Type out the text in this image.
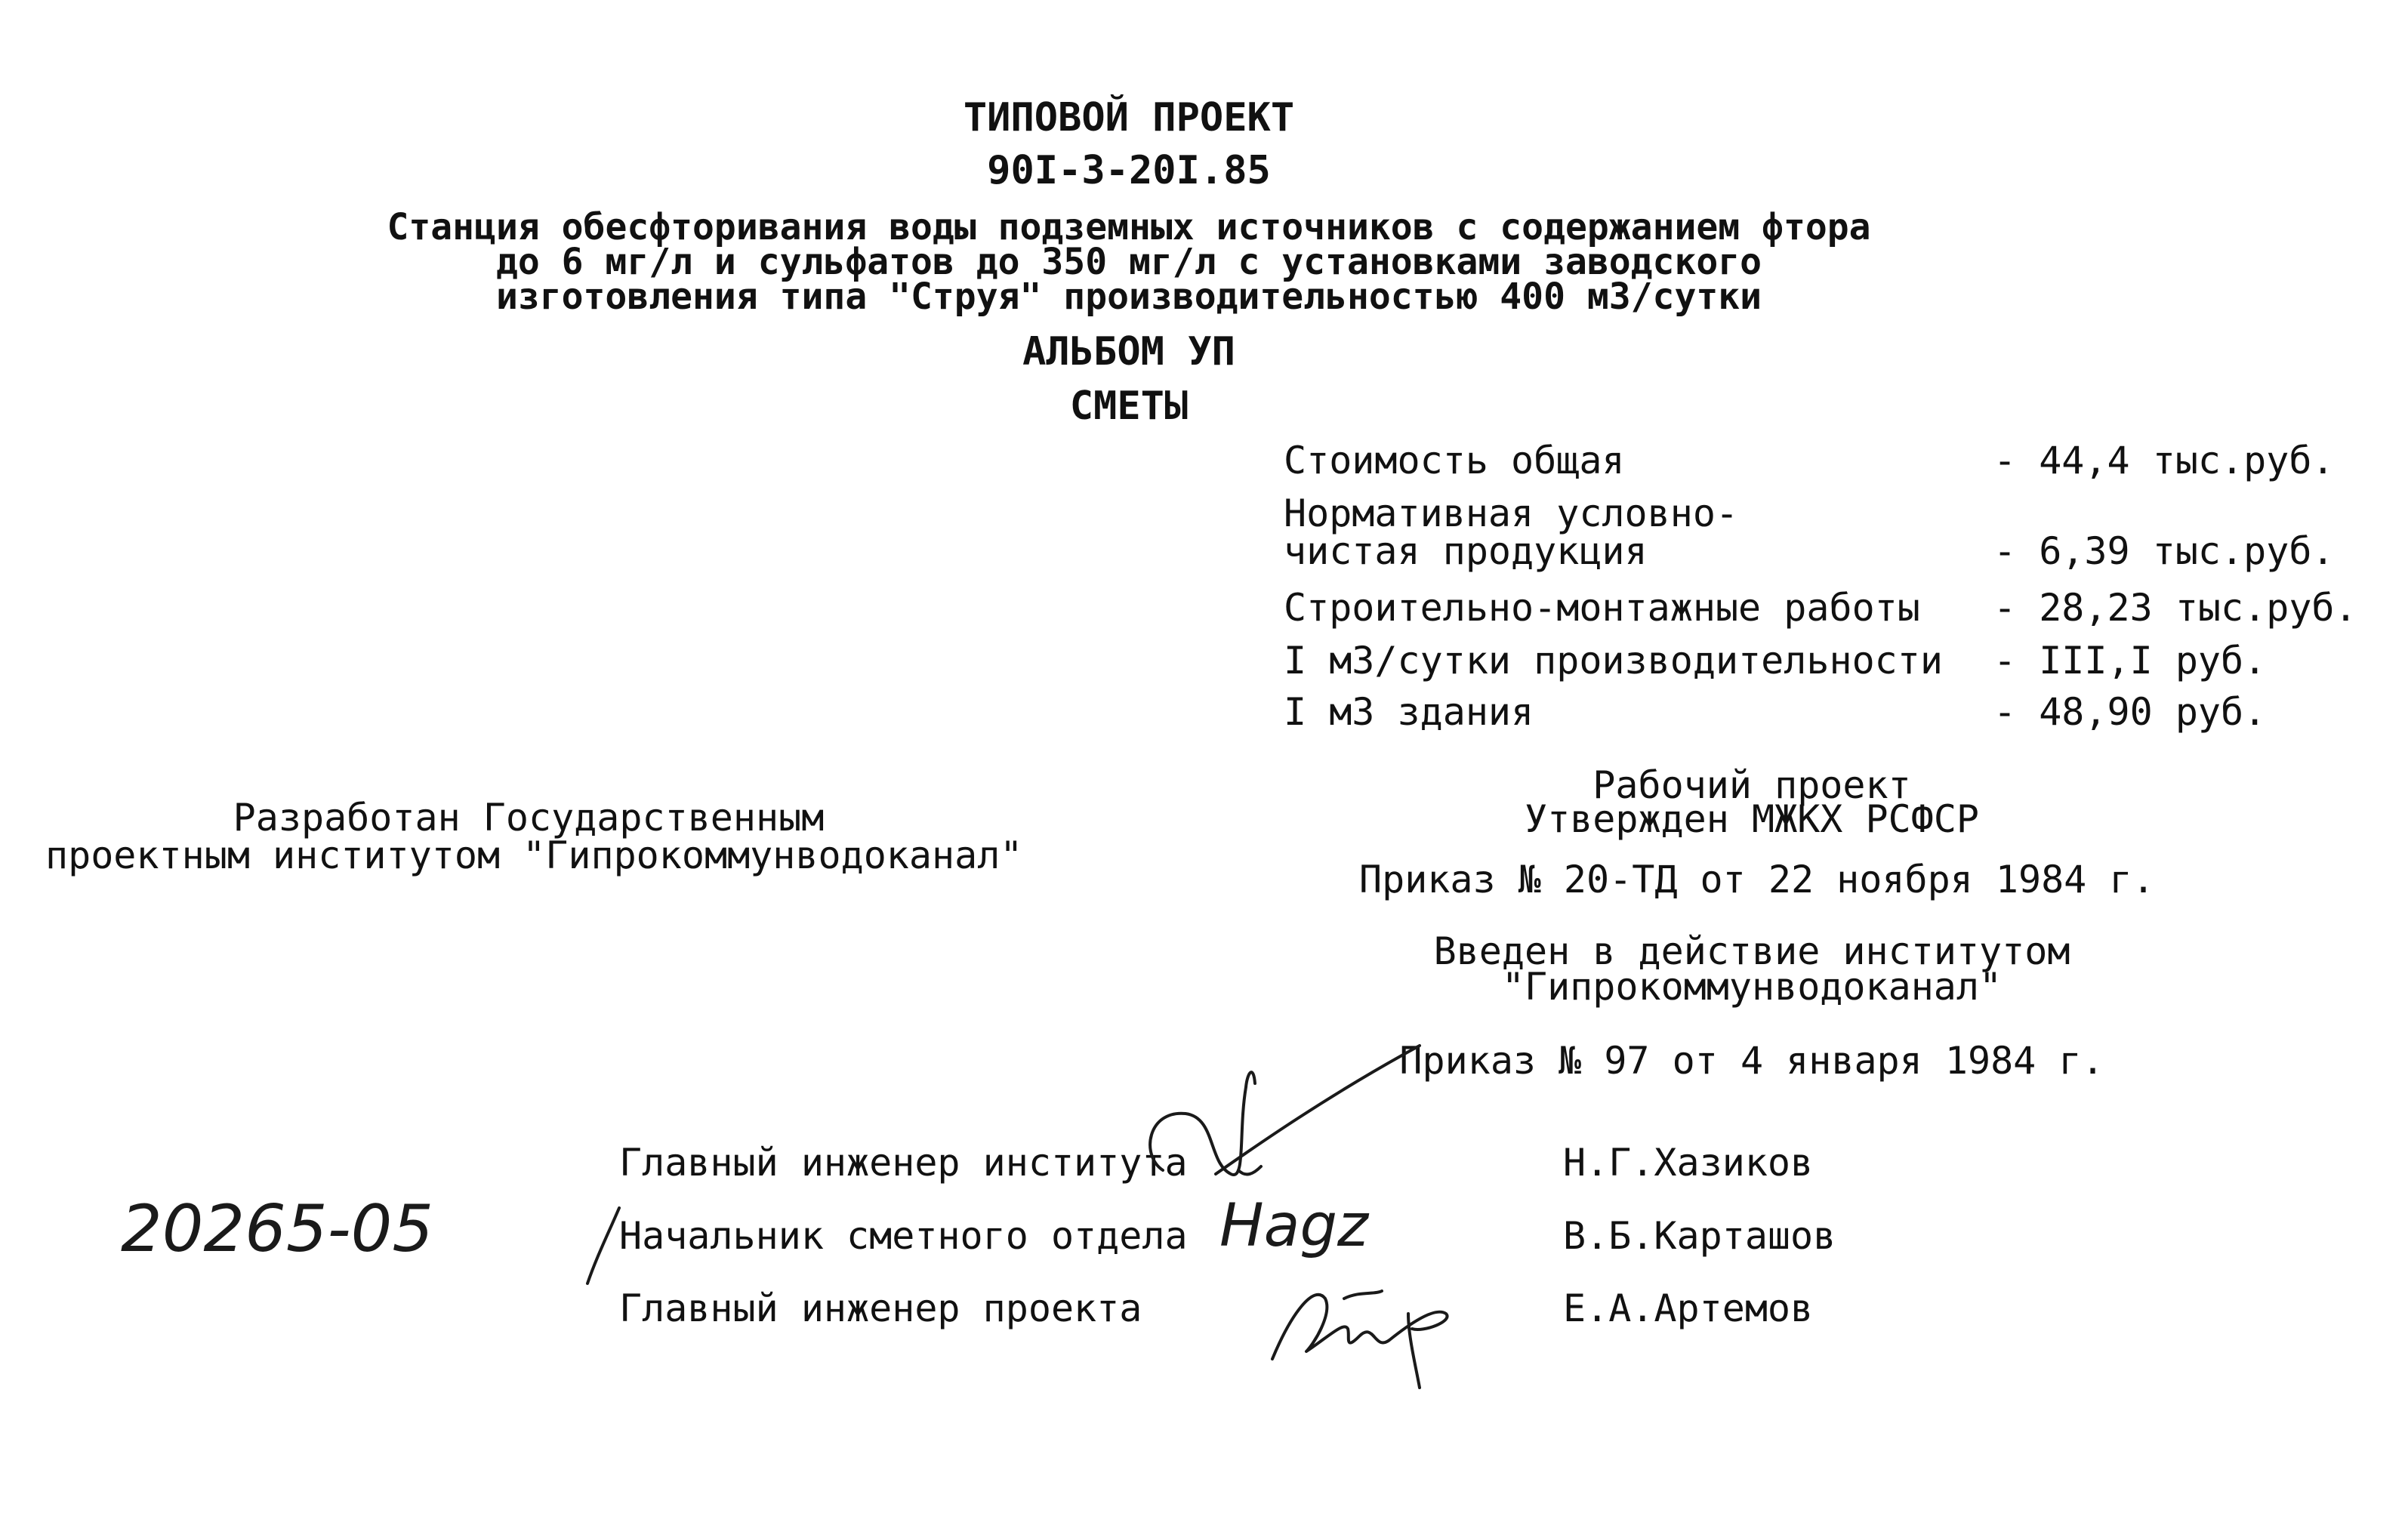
ТИПОВОЙ ПРОЕКТ
90I-3-20I.85
Станция обесфторивания воды подземных источников с содержанием фтора
до 6 мг/л и сульфатов до 350 мг/л с установками заводского
изготовления типа "Струя" производительностью 400 м3/сутки
АЛЬБОМ УП
СМЕТЫ
Стоимость общая	- 44,4 тыс.руб.
Нормативная условно-
чистая продукция	- 6,39 тыс.руб.
Строительно-монтажные работы - 28,23 тыс.руб.
I м3/сутки производительности - III,I руб.
I м3 здания	- 48,90 руб.
Разработан Государственным
проектным институтом "Гипрокоммунводоканал"
Рабочий проект
Утвержден МЖКХ РСФСР
Приказ № 20-ТД от 22 ноября 1984 г.
Введен в действие институтом
"Гипрокоммунводоканал"
Приказ № 97 от 4 января 1984 г.
Главный инженер института	Н.Г.Хазиков
Начальник сметного отдела	В.Б.Карташов
Главный инженер проекта	Е.А.Артемов
20265-05	Hagz
